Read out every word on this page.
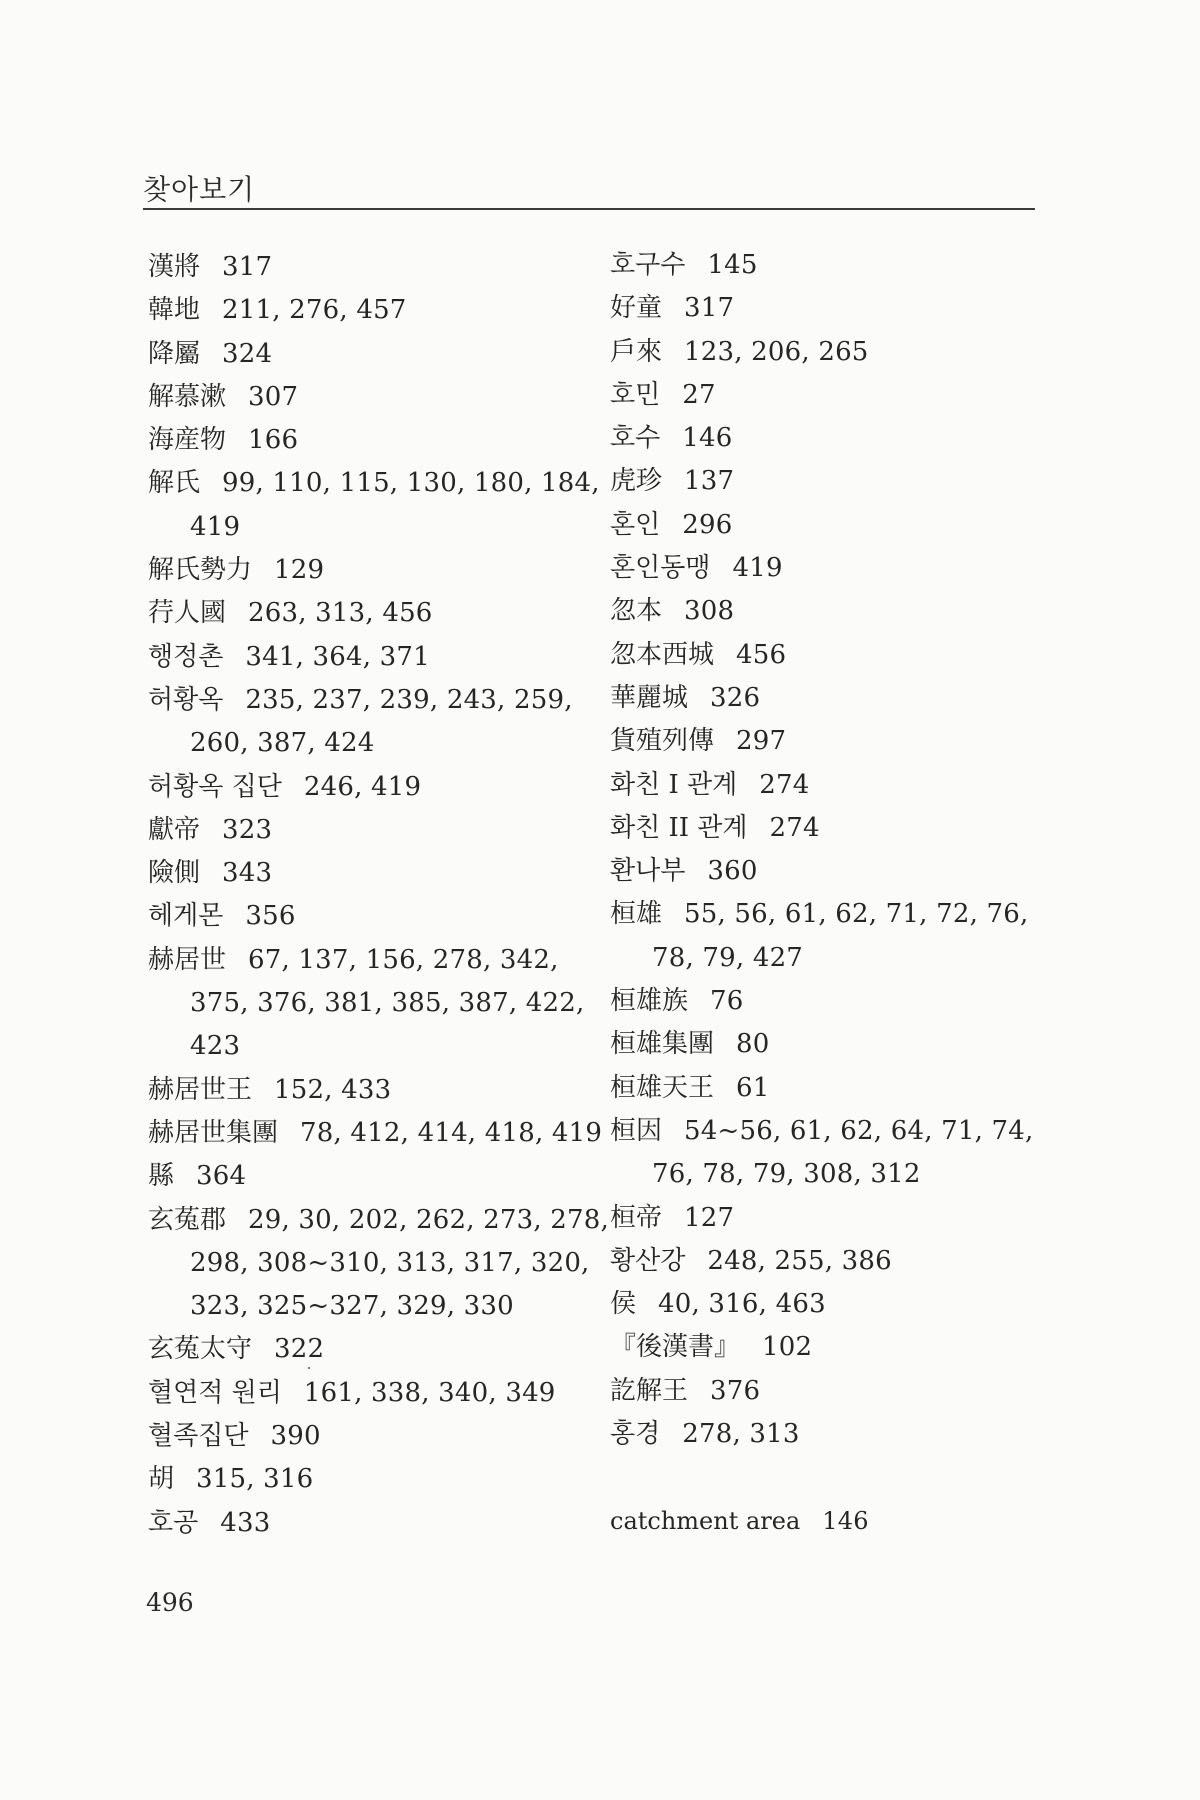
찾아보기
漢將 317
韓地 211, 276, 457
降屬 324
解慕漱 307
海産物 166
解氏 99, 110, 115, 130, 180, 184,
419
解氏勢力 129
荇人國 263, 313, 456
행정촌 341, 364, 371
허황옥 235, 237, 239, 243, 259,
260, 387, 424
허황옥 집단 246, 419
獻帝 323
險側 343
헤게몬 356
赫居世 67, 137, 156, 278, 342,
375, 376, 381, 385, 387, 422,
423
赫居世王 152, 433
赫居世集團 78, 412, 414, 418, 419
縣 364
玄菟郡 29, 30, 202, 262, 273, 278,
298, 308~310, 313, 317, 320,
323, 325~327, 329, 330
玄菟太守 322
혈연적 원리 161, 338, 340, 349
혈족집단 390
胡 315, 316
호공 433
호구수 145
好童 317
戶來 123, 206, 265
호민 27
호수 146
虎珍 137
혼인 296
혼인동맹 419
忽本 308
忽本西城 456
華麗城 326
貨殖列傳 297
화친 I 관계 274
화친 II 관계 274
환나부 360
桓雄 55, 56, 61, 62, 71, 72, 76,
78, 79, 427
桓雄族 76
桓雄集團 80
桓雄天王 61
桓因 54~56, 61, 62, 64, 71, 74,
76, 78, 79, 308, 312
桓帝 127
황산강 248, 255, 386
侯 40, 316, 463
『後漢書』 102
訖解王 376
홍경 278, 313
catchment area 146
496
